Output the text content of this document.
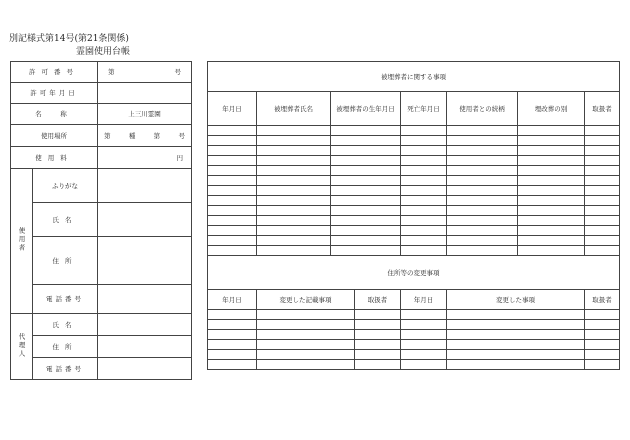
別記様式第14号(第21条関係)
霊園使用台帳
許可番号		第 号

許可年月日		
名　称		上三川霊園
使用場所		第 種 第 号

使用料		円
使用者	ふりがな	
	氏名	
	住所	
	電話番号	
代理人	氏名	
	住所	
	電話番号	
被埋葬者に関する事項							
年月日	被埋葬者氏名	被埋葬者の生年月日		死亡年月日	使用者との続柄	埋改葬の別	取扱者

住所等の変更事項							
年月日	変更した記載事項		取扱者	年月日	変更した事項		取扱者
